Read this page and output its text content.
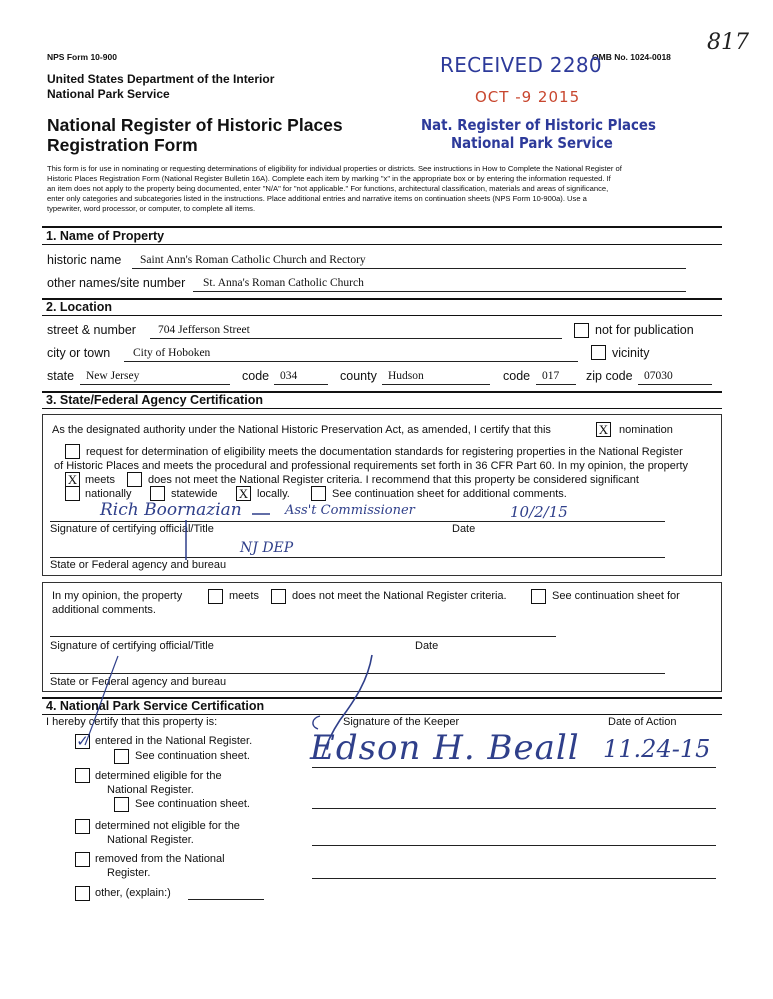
NPS Form 10-900	OMB No. 1024-0018
817
United States Department of the Interior
National Park Service
National Register of Historic Places
Registration Form
RECEIVED 2280
OCT -9 2015
Nat. Register of Historic Places
National Park Service
This form is for use in nominating or requesting determinations of eligibility for individual properties or districts. See instructions in How to Complete the National Register of
Historic Places Registration Form (National Register Bulletin 16A). Complete each item by marking "x" in the appropriate box or by entering the information requested. If
an item does not apply to the property being documented, enter "N/A" for "not applicable." For functions, architectural classification, materials and areas of significance,
enter only categories and subcategories listed in the instructions. Place additional entries and narrative items on continuation sheets (NPS Form 10-900a). Use a
typewriter, word processor, or computer, to complete all items.
1. Name of Property
historic name Saint Ann's Roman Catholic Church and Rectory
other names/site number St. Anna's Roman Catholic Church
2. Location
street & number 704 Jefferson Street	not for publication
city or town City of Hoboken	vicinity
state New Jersey	code 034	county Hudson	code 017 zip code 07030
3. State/Federal Agency Certification
As the designated authority under the National Historic Preservation Act, as amended, I certify that this	X nomination
request for determination of eligibility meets the documentation standards for registering properties in the National Register
of Historic Places and meets the procedural and professional requirements set forth in 36 CFR Part 60. In my opinion, the property
X meets	does not meet the National Register criteria. I recommend that this property be considered significant
nationally	statewide X locally.	See continuation sheet for additional comments.
Rich Boornazian	Ass't Commissioner	10/2/15
Signature of certifying official/Title	Date
NJ DEP
State or Federal agency and bureau
In my opinion, the property	meets	does not meet the National Register criteria.	See continuation sheet for
additional comments.
Signature of certifying official/Title	Date
State or Federal agency and bureau
4. National Park Service Certification
I hereby certify that this property is:	Signature of the Keeper	Date of Action
Edson H. Beall 11.24-15
✓ entered in the National Register.
See continuation sheet.
determined eligible for the
National Register.
See continuation sheet.
determined not eligible for the
National Register.
removed from the National
Register.
other, (explain:)
